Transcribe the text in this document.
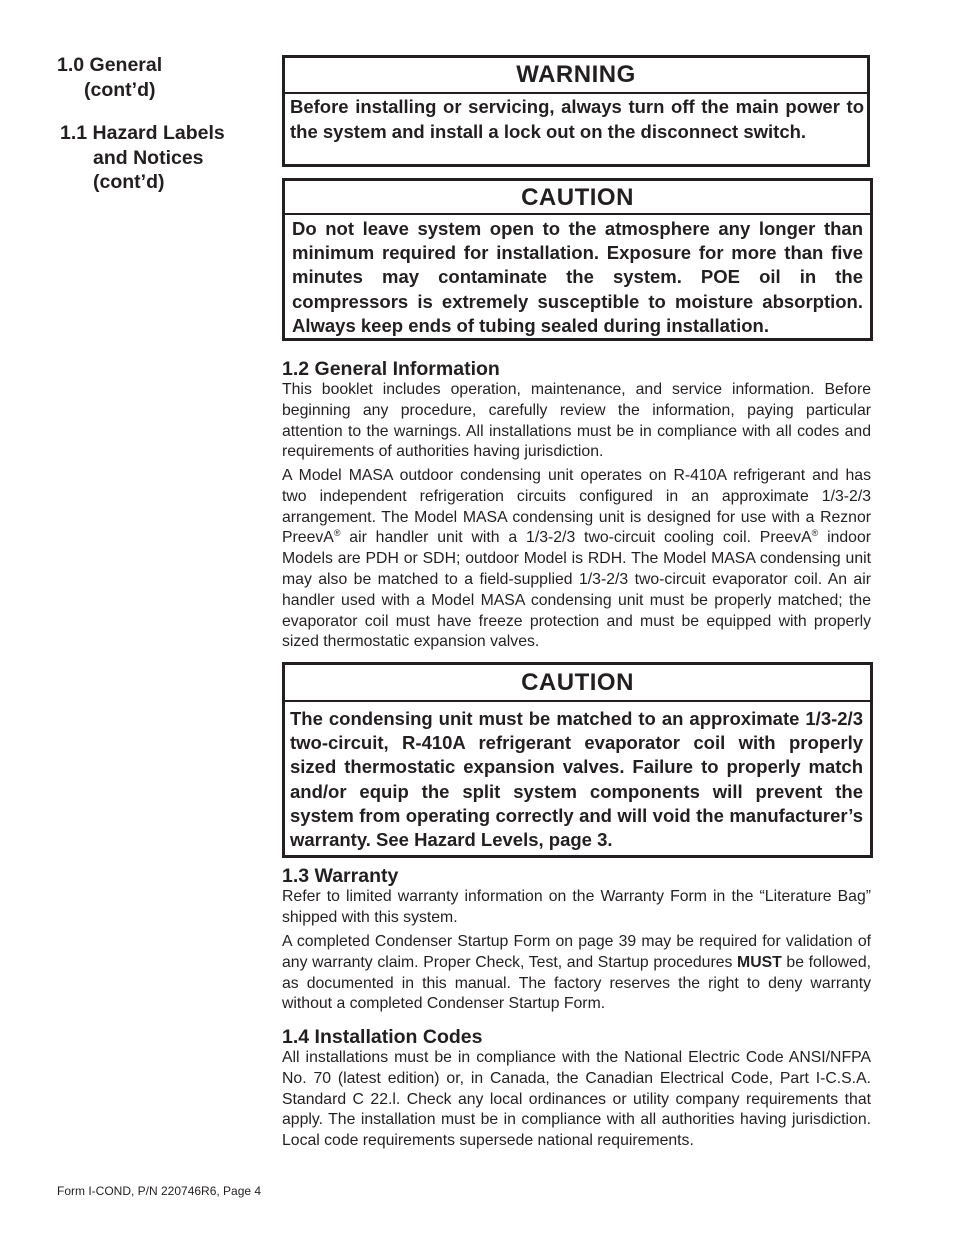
1.0 General
(cont’d)
1.1 Hazard Labels
and Notices
(cont’d)
WARNING
Before installing or servicing, always turn off the main power to the system and install a lock out on the disconnect switch.
CAUTION
Do not leave system open to the atmosphere any longer than minimum required for installation. Exposure for more than five minutes may contaminate the system. POE oil in the compressors is extremely susceptible to moisture absorption. Always keep ends of tubing sealed during installation.
1.2 General Information
This booklet includes operation, maintenance, and service information. Before beginning any procedure, carefully review the information, paying particular attention to the warnings. All installations must be in compliance with all codes and requirements of authorities having jurisdiction.
A Model MASA outdoor condensing unit operates on R-410A refrigerant and has two independent refrigeration circuits configured in an approximate 1/3-2/3 arrangement. The Model MASA condensing unit is designed for use with a Reznor PreevA® air handler unit with a 1/3-2/3 two-circuit cooling coil. PreevA® indoor Models are PDH or SDH; outdoor Model is RDH. The Model MASA condensing unit may also be matched to a field-supplied 1/3-2/3 two-circuit evaporator coil. An air handler used with a Model MASA condensing unit must be properly matched; the evaporator coil must have freeze protection and must be equipped with properly sized thermostatic expansion valves.
CAUTION
The condensing unit must be matched to an approximate 1/3-2/3 two-circuit, R-410A refrigerant evaporator coil with properly sized thermostatic expansion valves. Failure to properly match and/or equip the split system components will prevent the system from operating correctly and will void the manufacturer’s warranty. See Hazard Levels, page 3.
1.3 Warranty
Refer to limited warranty information on the Warranty Form in the “Literature Bag” shipped with this system.
A completed Condenser Startup Form on page 39 may be required for validation of any warranty claim. Proper Check, Test, and Startup procedures MUST be followed, as documented in this manual. The factory reserves the right to deny warranty without a completed Condenser Startup Form.
1.4 Installation Codes
All installations must be in compliance with the National Electric Code ANSI/NFPA No. 70 (latest edition) or, in Canada, the Canadian Electrical Code, Part I-C.S.A. Standard C 22.l. Check any local ordinances or utility company requirements that apply. The installation must be in compliance with all authorities having jurisdiction. Local code requirements supersede national requirements.
Form I-COND, P/N 220746R6, Page 4
